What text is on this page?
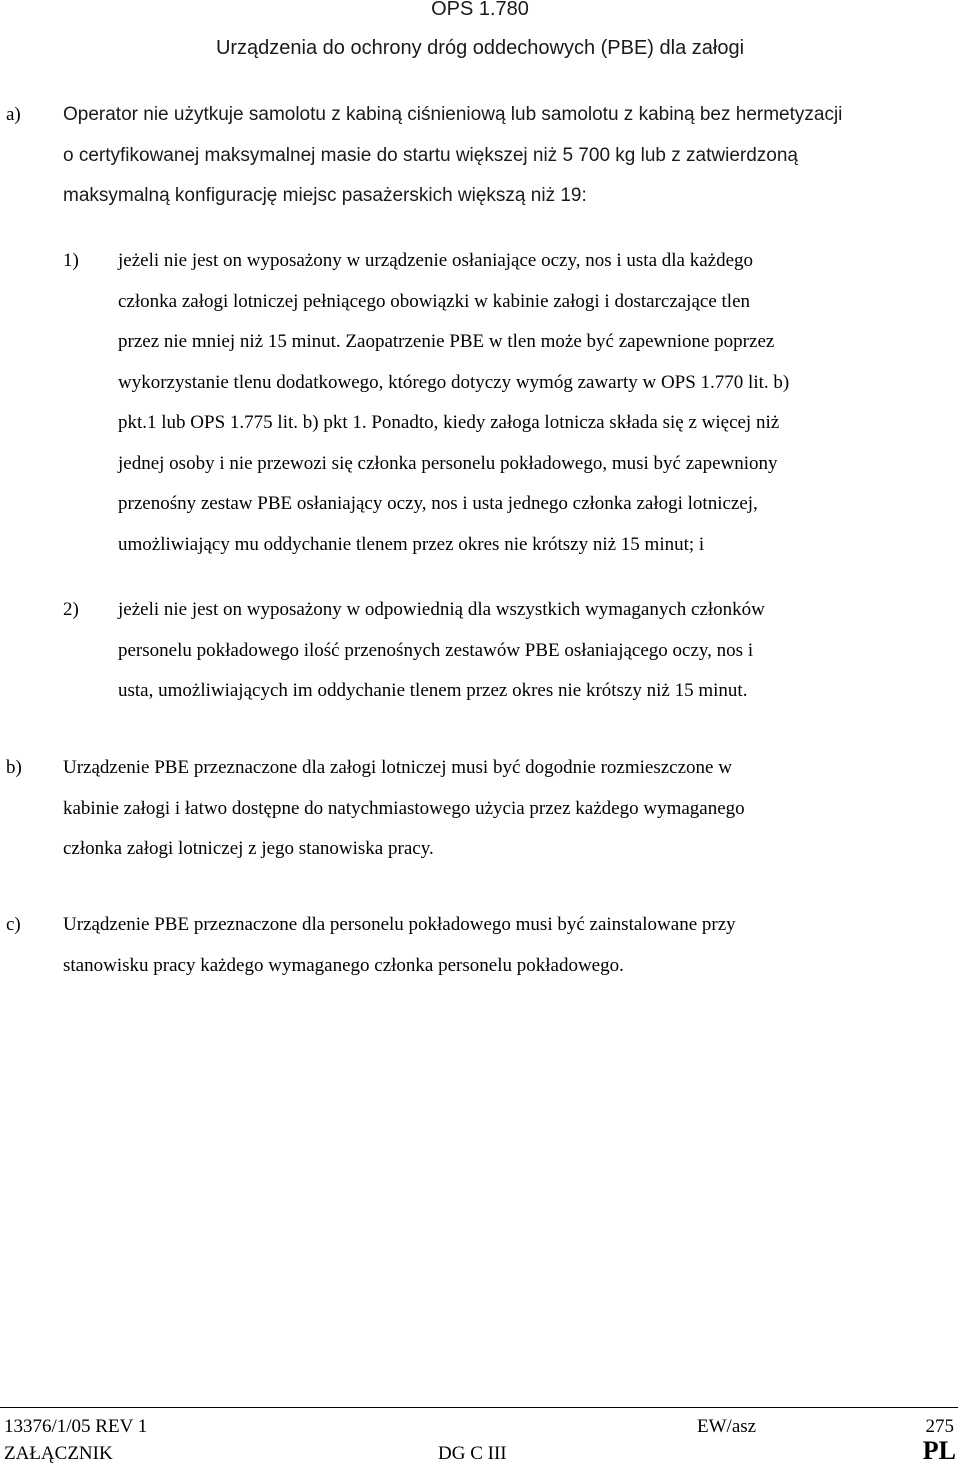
OPS 1.780
Urządzenia do ochrony dróg oddechowych (PBE) dla załogi
a) Operator nie użytkuje samolotu z kabiną ciśnieniową lub samolotu z kabiną bez hermetyzacji
o certyfikowanej maksymalnej masie do startu większej niż 5 700 kg lub z zatwierdzoną
maksymalną konfigurację miejsc pasażerskich większą niż 19:
1) jeżeli nie jest on wyposażony w urządzenie osłaniające oczy, nos i usta dla każdego
członka załogi lotniczej pełniącego obowiązki w kabinie załogi i dostarczające tlen
przez nie mniej niż 15 minut. Zaopatrzenie PBE w tlen może być zapewnione poprzez
wykorzystanie tlenu dodatkowego, którego dotyczy wymóg zawarty w OPS 1.770 lit. b)
pkt.1 lub OPS 1.775 lit. b) pkt 1. Ponadto, kiedy załoga lotnicza składa się z więcej niż
jednej osoby i nie przewozi się członka personelu pokładowego, musi być zapewniony
przenośny zestaw PBE osłaniający oczy, nos i usta jednego członka załogi lotniczej,
umożliwiający mu oddychanie tlenem przez okres nie krótszy niż 15 minut; i
2) jeżeli nie jest on wyposażony w odpowiednią dla wszystkich wymaganych członków
personelu pokładowego ilość przenośnych zestawów PBE osłaniającego oczy, nos i
usta, umożliwiających im oddychanie tlenem przez okres nie krótszy niż 15 minut.
b) Urządzenie PBE przeznaczone dla załogi lotniczej musi być dogodnie rozmieszczone w
kabinie załogi i łatwo dostępne do natychmiastowego użycia przez każdego wymaganego
członka załogi lotniczej z jego stanowiska pracy.
c) Urządzenie PBE przeznaczone dla personelu pokładowego musi być zainstalowane przy
stanowisku pracy każdego wymaganego członka personelu pokładowego.
13376/1/05 REV 1	EW/asz	275
ZAŁĄCZNIK	DG C III	PL
